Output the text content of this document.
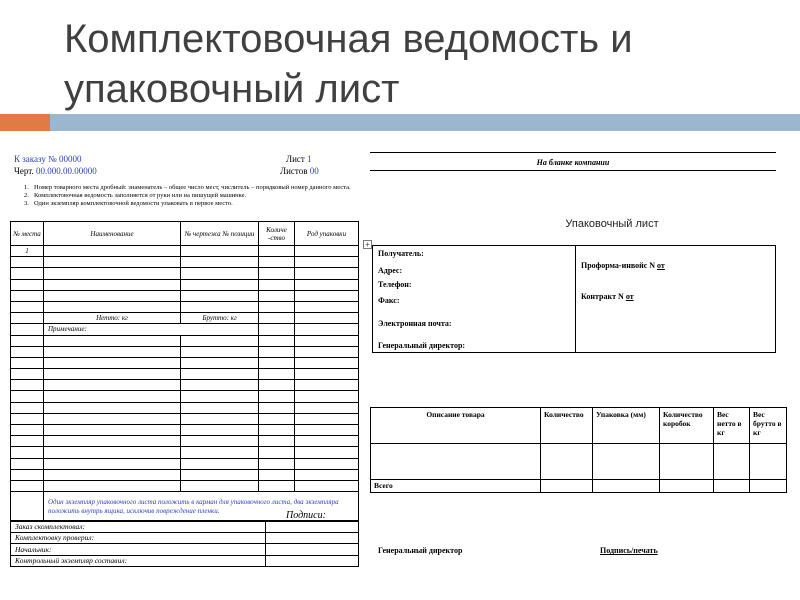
Комплектовочная ведомость и
упаковочный лист
К заказу № 00000
Черт. 00.000.00.00000
Лист 1
Листов 00
1. Номер товарного места дробный: знаменатель – общее число мест, числитель – порядковый номер данного места.
2. Комплектовочная ведомость заполняется от руки или на пишущей машинке.
3. Один экземпляр комплектовочной ведомости упаковать в первое место.
№ места	Наименование	№ чертежа № позиции	Количе -ство	Род упаковки
1				

	Нетто: кг	Брутто: кг		
	Примечание:			

	Один экземпляр упаковочного листа положить в карман для упаковочного листа, два экземпляра положить внутрь ящика, исключив повреждение пленки.			
+
Подписи:
Заказ скомплектовал:	
Комплектовку проверил:	
Начальник:	
Контрольный экземпляр составил:	
На бланке компании
Упаковочный лист
Получатель:
Адрес:
Телефон:
Факс:
Электронная почта:
Генеральный директор:
Проформа-инвойс N от
Контракт N от
Описание товара	Количество	Упаковка (мм)	Количество коробок	Вес нетто в кг	Вес брутто в кг

Всего					
Генеральный директор	Подпись/печать
